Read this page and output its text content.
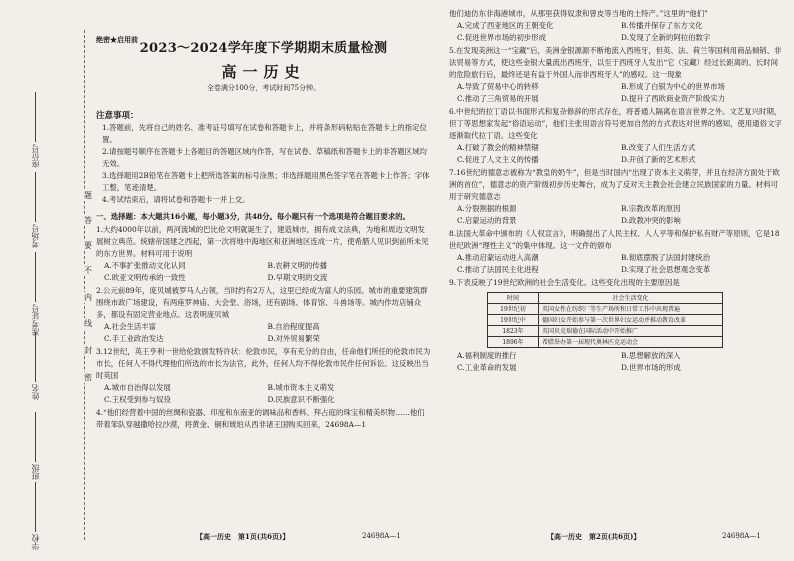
座位号
考场号
准考证号
姓名
班级
学校
题
答
要
不
内
线
封
密

绝密★启用前

2023～2024学年度下学期期末质量检测

高一历史

全卷满分100分，考试时间75分钟。

注意事项：

1.答题前，先将自己的姓名、准考证号填写在试卷和答题卡上，并将条形码粘贴在答题卡上的指定位置。

2.请按题号顺序在答题卡上各题目的答题区域内作答，写在试卷、草稿纸和答题卡上的非答题区域均无效。

3.选择题用2B铅笔在答题卡上把所选答案的标号涂黑；非选择题用黑色签字笔在答题卡上作答；字体工整，笔迹清楚。

4.考试结束后，请将试卷和答题卡一并上交。

一、选择题：本大题共16小题，每小题3分，共48分。每小题只有一个选项是符合题目要求的。

1.大约4000年以前，两河流域的巴比伦文明就诞生了，建造城市，拥有成文法典，为地和周边文明发展树立典范。统辖帝国建之西起，第一次将地中海地区和亚洲地区连成一片，使希腊人见识到前所未见的东方世界。材料可用于说明

A.不事扩张推动文化认同	B.农耕文明的传播
C.欧亚文明传承的一致性	D.早期文明的交流

2.公元前89年，庞贝城被罗马人占领，当时约有2万人，这里已经成为富人的乐园。城市的重要建筑群围绕市政广场建设，有两座罗神庙、大会堂、浴场，还有剧场、体育馆、斗兽场等。城内作坊店铺众多，都设有固定营业地点。这表明庞贝城

A.社会生活丰富	B.自治程度提高
C.手工业政治发达	D.对外贸易繁荣

3.12世纪，英王亨利一世给伦敦颁发特许状：伦敦市民，享有充分的自由，任命他们所任的伦敦市民为市长，任何人不得代理他们所选的市长为法官，此外，任何人均不得伦敦市民作任何诉讼。这反映出当时英国

A.城市自治得以发展	B.城市资本主义萌发
C.王权受到参与奴役	D.民族意识不断强化

4.“他们经营着中国的丝绸和瓷器、印度和东南亚的调味品和香料、拜占庭的珠宝和精美织物……他们带着笨队穿越撒哈拉沙漠，将黄金、铜和琥珀从西非诸王国购买回来，24698A—1

他们迪仿东非海港城市，从那里获得奴隶和曾皮等当地的土特产。”这里的“他们”

A.完成了西亚地区的王朝变化	B.传播并保存了东方文化
C.促进世界市场的初步形成	D.发现了全新的阿拉伯数字

5.在发现美洲这一“宝藏”后，美洲金银源源不断地流入西班牙，但英、法、荷兰等国利用商品倾销、非法贸易等方式，使这些金银大量流出西班牙，以至于西班牙人发出“它（宝藏）经过长距离的、长时间的危险旅行后，最终还是有益于外国人而非西班牙人”的感叹。这一现象

A.导致了贸易中心的转移	B.形成了白银为中心的世界市场
C.推动了三角贸易的开展	D.提升了西欧商业资产阶级实力

6.中世纪的拉丁语以书面形式和复杂修辞的形式存在，将普通人隔离在语言世界之外。文艺复兴时期，但丁等思想家发起“俗语运动”，他们主张用语言符号更加自然的方式表达对世界的感知，使用通俗文字逐渐取代拉丁语。这些变化

A.打破了教会的精神禁锢	B.改变了人们生活方式
C.促进了人文主义的传播	D.开创了新的艺术形式

7.16世纪的德意志被称为“教皇的奶牛”，但是当时国内“出现了资本主义萌芽，并且在经济方面处于欧洲的首位”，德意志的资产阶级初步历史舞台，成为了反对天主教会社会建立民族国家的力量。材料可用于研究德意志

A.分裂割据的根源	B.宗教改革的原因
C.启蒙运动的背景	D.政教冲突的影响

8.法国大革命中颁布的《人权宣言》，明确提出了人民主权、人人平等和保护私有财产等原则，它是18世纪欧洲“理性主义”的集中体现。这一文件的颁布

A.推动启蒙运动进入高潮	B.彻底摆脱了法国封建统治
C.推动了法国民主化进程	D.实现了社会思想观念变革

9.下表反映了19世纪欧洲的社会生活变化。这些变化出现的主要原因是

时间	社会生活变化
19世纪初	英国女性在纺织厂等生产场所和日常工作中出现普遍
19世纪中	德国妇女开始参与第一次世界妇女运动并推动教育改革
1823年	英国贝克瑞德在国际活动中开始推广
1896年	希腊举办第一届现代奥林匹克运动会
A.福利制度的推行	B.思想解放的深入
C.工业革命的发展	D.世界市场的形成
【高一历史　第1页(共6页)】	24698A—1	【高一历史　第2页(共6页)】	24698A—1
